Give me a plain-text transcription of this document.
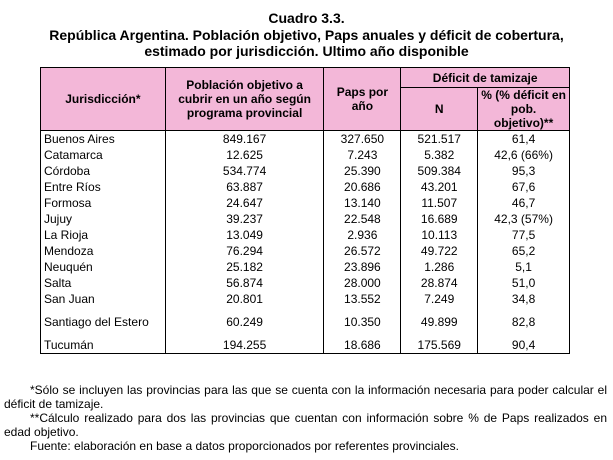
Cuadro 3.3.
República Argentina. Población objetivo, Paps anuales y déficit de cobertura,
estimado por jurisdicción. Ultimo año disponible
Jurisdicción*	Población objetivo a cubrir en un año según programa provincial	Paps por año	Déficit de tamizaje	
			N	% (% déficit en pob. objetivo)**
Buenos Aires	849.167	327.650	521.517	61,4
Catamarca	12.625	7.243	5.382	42,6 (66%)
Córdoba	534.774	25.390	509.384	95,3
Entre Ríos	63.887	20.686	43.201	67,6
Formosa	24.647	13.140	11.507	46,7
Jujuy	39.237	22.548	16.689	42,3 (57%)
La Rioja	13.049	2.936	10.113	77,5
Mendoza	76.294	26.572	49.722	65,2
Neuquén	25.182	23.896	1.286	5,1
Salta	56.874	28.000	28.874	51,0
San Juan	20.801	13.552	7.249	34,8
Santiago del Estero	60.249	10.350	49.899	82,8
Tucumán	194.255	18.686	175.569	90,4

*Sólo se incluyen las provincias para las que se cuenta con la información necesaria para poder calcular el déficit de tamizaje.

**Cálculo realizado para dos las provincias que cuentan con información sobre % de Paps realizados en edad objetivo.

Fuente: elaboración en base a datos proporcionados por referentes provinciales.
